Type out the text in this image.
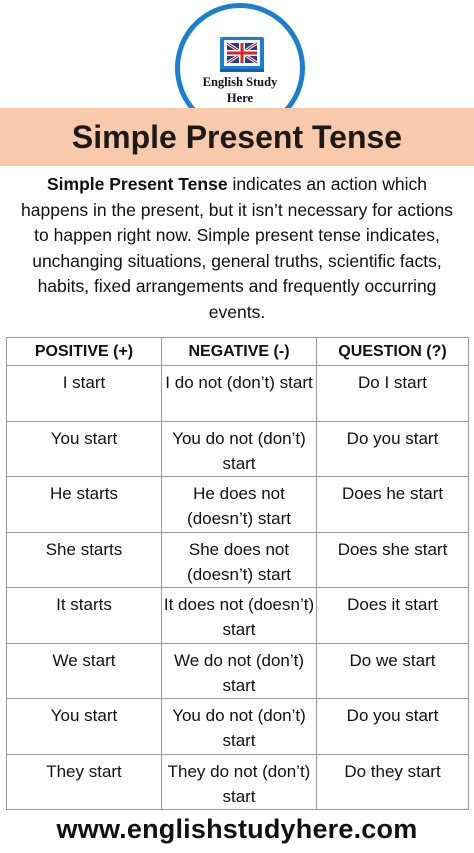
English Study
Here
Simple Present Tense

Simple Present Tense indicates an action which happens in the present, but it isn’t necessary for actions to happen right now. Simple present tense indicates, unchanging situations, general truths, scientific facts, habits, fixed arrangements and frequently occurring events.

POSITIVE (+)	NEGATIVE (-)	QUESTION (?)
I start	I do not (don’t) start	Do I start
You start	You do not (don’t) start	Do you start
He starts	He does not (doesn’t) start	Does he start
She starts	She does not (doesn’t) start	Does she start
It starts	It does not (doesn’t) start	Does it start
We start	We do not (don’t) start	Do we start
You start	You do not (don’t) start	Do you start
They start	They do not (don’t) start	Do they start
www.englishstudyhere.com
